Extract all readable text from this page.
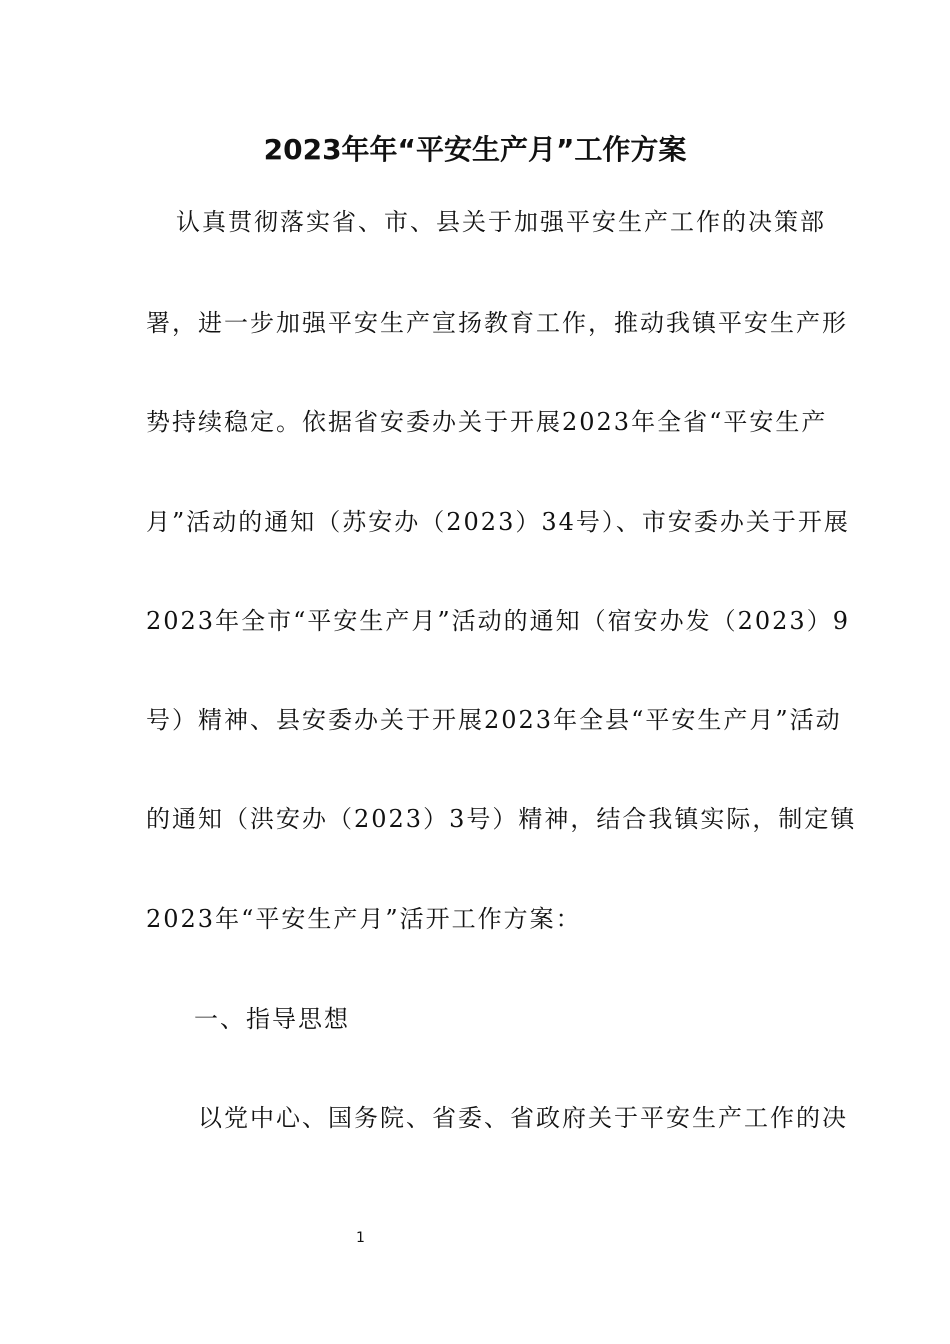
2023年年“平安生产月”工作方案
认真贯彻落实省、市、县关于加强平安生产工作的决策部
署，进一步加强平安生产宣扬教育工作，推动我镇平安生产形
势持续稳定。依据省安委办关于开展2023年全省“平安生产
月”活动的通知（苏安办（2023）34号）、市安委办关于开展
2023年全市“平安生产月”活动的通知（宿安办发（2023）9
号）精神、县安委办关于开展2023年全县“平安生产月”活动
的通知（洪安办（2023）3号）精神，结合我镇实际，制定镇
2023年“平安生产月”活开工作方案：
一、指导思想
以党中心、国务院、省委、省政府关于平安生产工作的决
1
